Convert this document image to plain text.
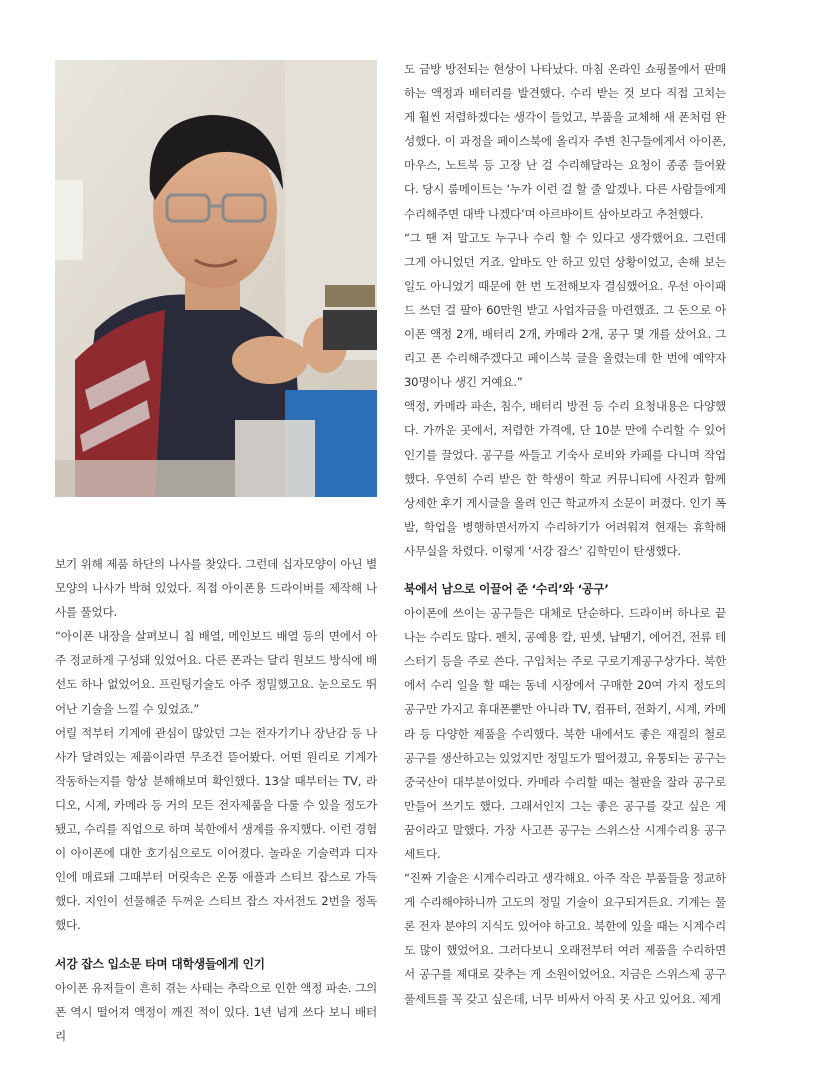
보기 위해 제품 하단의 나사를 찾았다. 그런데 십자모양이 아닌 별모양의 나사가 박혀 있었다. 직접 아이폰용 드라이버를 제작해 나사를 풀었다.

“아이폰 내장을 살펴보니 칩 배열, 메인보드 배열 등의 면에서 아주 정교하게 구성돼 있었어요. 다른 폰과는 달리 원보드 방식에 배선도 하나 없었어요. 프린팅기술도 아주 정밀했고요. 눈으로도 뛰어난 기술을 느낄 수 있었죠.”

어릴 적부터 기계에 관심이 많았던 그는 전자기기나 장난감 등 나사가 달려있는 제품이라면 무조건 뜯어봤다. 어떤 원리로 기계가 작동하는지를 항상 분해해보며 확인했다. 13살 때부터는 TV, 라디오, 시계, 카메라 등 거의 모든 전자제품을 다룰 수 있을 정도가 됐고, 수리를 직업으로 하며 북한에서 생계를 유지했다. 이런 경험이 아이폰에 대한 호기심으로도 이어졌다. 놀라운 기술력과 디자인에 매료돼 그때부터 머릿속은 온통 애플과 스티브 잡스로 가득했다. 지인이 선물해준 두꺼운 스티브 잡스 자서전도 2번을 정독했다.

서강 잡스 입소문 타며 대학생들에게 인기

아이폰 유저들이 흔히 겪는 사태는 추락으로 인한 액정 파손. 그의 폰 역시 떨어져 액정이 깨진 적이 있다. 1년 넘게 쓰다 보니 배터리

도 금방 방전되는 현상이 나타났다. 마침 온라인 쇼핑몰에서 판매하는 액정과 배터리를 발견했다. 수리 받는 것 보다 직접 고치는 게 훨씬 저렴하겠다는 생각이 들었고, 부품을 교체해 새 폰처럼 완성했다. 이 과정을 페이스북에 올리자 주변 친구들에게서 아이폰, 마우스, 노트북 등 고장 난 걸 수리해달라는 요청이 종종 들어왔다. 당시 룸메이트는 ‘누가 이런 걸 할 줄 알겠나. 다른 사람들에게 수리해주면 대박 나겠다’며 아르바이트 삼아보라고 추천했다.

“그 땐 저 말고도 누구나 수리 할 수 있다고 생각했어요. 그런데 그게 아니었던 거죠. 알바도 안 하고 있던 상황이었고, 손해 보는 일도 아니었기 때문에 한 번 도전해보자 결심했어요. 우선 아이패드 쓰던 걸 팔아 60만원 받고 사업자금을 마련했죠. 그 돈으로 아이폰 액정 2개, 배터리 2개, 카메라 2개, 공구 몇 개를 샀어요. 그리고 폰 수리해주겠다고 페이스북 글을 올렸는데 한 번에 예약자 30명이나 생긴 거예요.”

액정, 카메라 파손, 침수, 배터리 방전 등 수리 요청내용은 다양했다. 가까운 곳에서, 저렴한 가격에, 단 10분 만에 수리할 수 있어 인기를 끌었다. 공구를 싸들고 기숙사 로비와 카페를 다니며 작업했다. 우연히 수리 받은 한 학생이 학교 커뮤니티에 사진과 함께 상세한 후기 게시글을 올려 인근 학교까지 소문이 퍼졌다. 인기 폭발, 학업을 병행하면서까지 수리하기가 어려워져 현재는 휴학해 사무실을 차렸다. 이렇게 ‘서강 잡스’ 김학민이 탄생했다.

북에서 남으로 이끌어 준 ‘수리’와 ‘공구’

아이폰에 쓰이는 공구들은 대체로 단순하다. 드라이버 하나로 끝나는 수리도 많다. 펜치, 공예용 칼, 핀셋, 납땜기, 에어건, 전류 테스터기 등을 주로 쓴다. 구입처는 주로 구로기계공구상가다. 북한에서 수리 일을 할 때는 동네 시장에서 구매한 20여 가지 정도의 공구만 가지고 휴대폰뿐만 아니라 TV, 컴퓨터, 전화기, 시계, 카메라 등 다양한 제품을 수리했다. 북한 내에서도 좋은 재질의 철로 공구를 생산하고는 있었지만 정밀도가 떨어졌고, 유통되는 공구는 중국산이 대부분이었다. 카메라 수리할 때는 철판을 잘라 공구로 만들어 쓰기도 했다. 그래서인지 그는 좋은 공구를 갖고 싶은 게 꿈이라고 말했다. 가장 사고픈 공구는 스위스산 시계수리용 공구세트다.

“진짜 기술은 시계수리라고 생각해요. 아주 작은 부품들을 정교하게 수리해야하니까 고도의 정밀 기술이 요구되거든요. 기계는 물론 전자 분야의 지식도 있어야 하고요. 북한에 있을 때는 시계수리도 많이 했었어요. 그러다보니 오래전부터 여러 제품을 수리하면서 공구를 제대로 갖추는 게 소원이었어요. 지금은 스위스제 공구 풀세트를 꼭 갖고 싶은데, 너무 비싸서 아직 못 사고 있어요. 제게
